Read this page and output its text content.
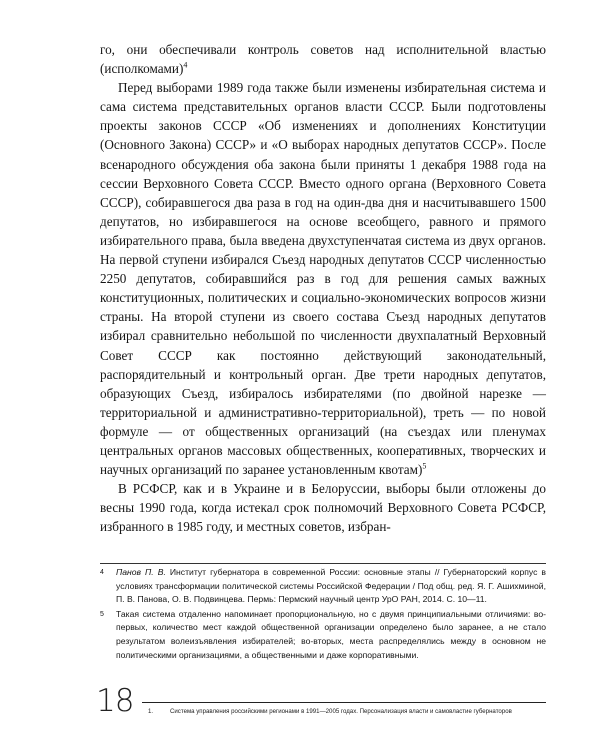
го, они обеспечивали контроль советов над исполнительной властью (исполкомами)$^4$

Перед выборами 1989 года также были изменены избирательная система и сама система представительных органов власти СССР. Были подготовлены проекты законов СССР «Об изменениях и дополнениях Конституции (Основного Закона) СССР» и «О выборах народных депутатов СССР». После всенародного обсуждения оба закона были приняты 1 декабря 1988 года на сессии Верховного Совета СССР. Вместо одного органа (Верховного Совета СССР), собиравшегося два раза в год на один-два дня и насчитывавшего 1500 депутатов, но избиравшегося на основе всеобщего, равного и прямого избирательного права, была введена двухступенчатая система из двух органов. На первой ступени избирался Съезд народных депутатов СССР численностью 2250 депутатов, собиравшийся раз в год для решения самых важных конституционных, политических и социально-экономических вопросов жизни страны. На второй ступени из своего состава Съезд народных депутатов избирал сравнительно небольшой по численности двухпалатный Верховный Совет СССР как постоянно действующий законодательный, распорядительный и контрольный орган. Две трети народных депутатов, образующих Съезд, избиралось избирателями (по двойной нарезке — территориальной и административно-территориальной), треть — по новой формуле — от общественных организаций (на съездах или пленумах центральных органов массовых общественных, кооперативных, творческих и научных организаций по заранее установленным квотам)$^5$

В РСФСР, как и в Украине и в Белоруссии, выборы были отложены до весны 1990 года, когда истекал срок полномочий Верховного Совета РСФСР, избранного в 1985 году, и местных советов, избран-

4 Панов П. В. Институт губернатора в современной России: основные этапы // Губернаторский корпус в условиях трансформации политической системы Российской Федерации / Под общ. ред. Я. Г. Ашихминой, П. В. Панова, О. В. Подвинцева. Пермь: Пермский научный центр УрО РАН, 2014. С. 10—11.

5 Такая система отдаленно напоминает пропорциональную, но с двумя принципиальными отличиями: во-первых, количество мест каждой общественной организации определено было заранее, а не стало результатом волеизъявления избирателей; во-вторых, места распределялись между в основном не политическими организациями, а общественными и даже корпоративными.

18 1.	Система управления российскими регионами в 1991—2005 годах. Персонализация власти и самовластие губернаторов
